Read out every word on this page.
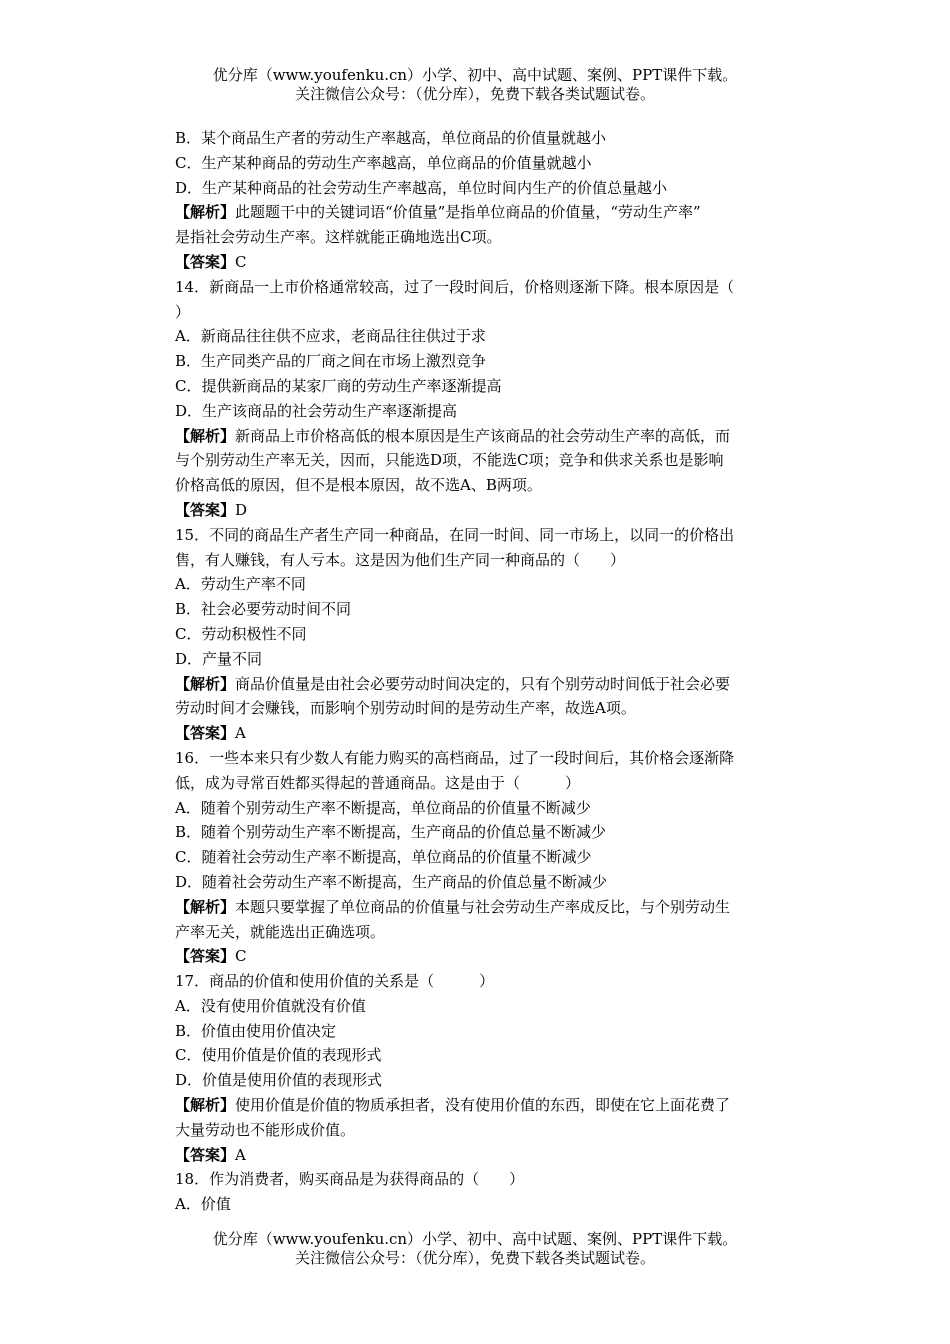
优分库（www.youfenku.cn）小学、初中、高中试题、案例、PPT课件下载。
关注微信公众号：（优分库），免费下载各类试题试卷。
B．某个商品生产者的劳动生产率越高，单位商品的价值量就越小
C．生产某种商品的劳动生产率越高，单位商品的价值量就越小
D．生产某种商品的社会劳动生产率越高，单位时间内生产的价值总量越小
【解析】此题题干中的关键词语“价值量”是指单位商品的价值量，“劳动生产率”
是指社会劳动生产率。这样就能正确地选出C项。
【答案】C
14．新商品一上市价格通常较高，过了一段时间后，价格则逐渐下降。根本原因是（
）
A．新商品往往供不应求，老商品往往供过于求
B．生产同类产品的厂商之间在市场上激烈竞争
C．提供新商品的某家厂商的劳动生产率逐渐提高
D．生产该商品的社会劳动生产率逐渐提高
【解析】新商品上市价格高低的根本原因是生产该商品的社会劳动生产率的高低，而
与个别劳动生产率无关，因而，只能选D项，不能选C项；竞争和供求关系也是影响
价格高低的原因，但不是根本原因，故不选A、B两项。
【答案】D
15．不同的商品生产者生产同一种商品，在同一时间、同一市场上，以同一的价格出
售，有人赚钱，有人亏本。这是因为他们生产同一种商品的（　　）
A．劳动生产率不同
B．社会必要劳动时间不同
C．劳动积极性不同
D．产量不同
【解析】商品价值量是由社会必要劳动时间决定的，只有个别劳动时间低于社会必要
劳动时间才会赚钱，而影响个别劳动时间的是劳动生产率，故选A项。
【答案】A
16．一些本来只有少数人有能力购买的高档商品，过了一段时间后，其价格会逐渐降
低，成为寻常百姓都买得起的普通商品。这是由于（　　　）
A．随着个别劳动生产率不断提高，单位商品的价值量不断减少
B．随着个别劳动生产率不断提高，生产商品的价值总量不断减少
C．随着社会劳动生产率不断提高，单位商品的价值量不断减少
D．随着社会劳动生产率不断提高，生产商品的价值总量不断减少
【解析】本题只要掌握了单位商品的价值量与社会劳动生产率成反比，与个别劳动生
产率无关，就能选出正确选项。
【答案】C
17．商品的价值和使用价值的关系是（　　　）
A．没有使用价值就没有价值
B．价值由使用价值决定
C．使用价值是价值的表现形式
D．价值是使用价值的表现形式
【解析】使用价值是价值的物质承担者，没有使用价值的东西，即使在它上面花费了
大量劳动也不能形成价值。
【答案】A
18．作为消费者，购买商品是为获得商品的（　　）
A．价值
优分库（www.youfenku.cn）小学、初中、高中试题、案例、PPT课件下载。
关注微信公众号：（优分库），免费下载各类试题试卷。
